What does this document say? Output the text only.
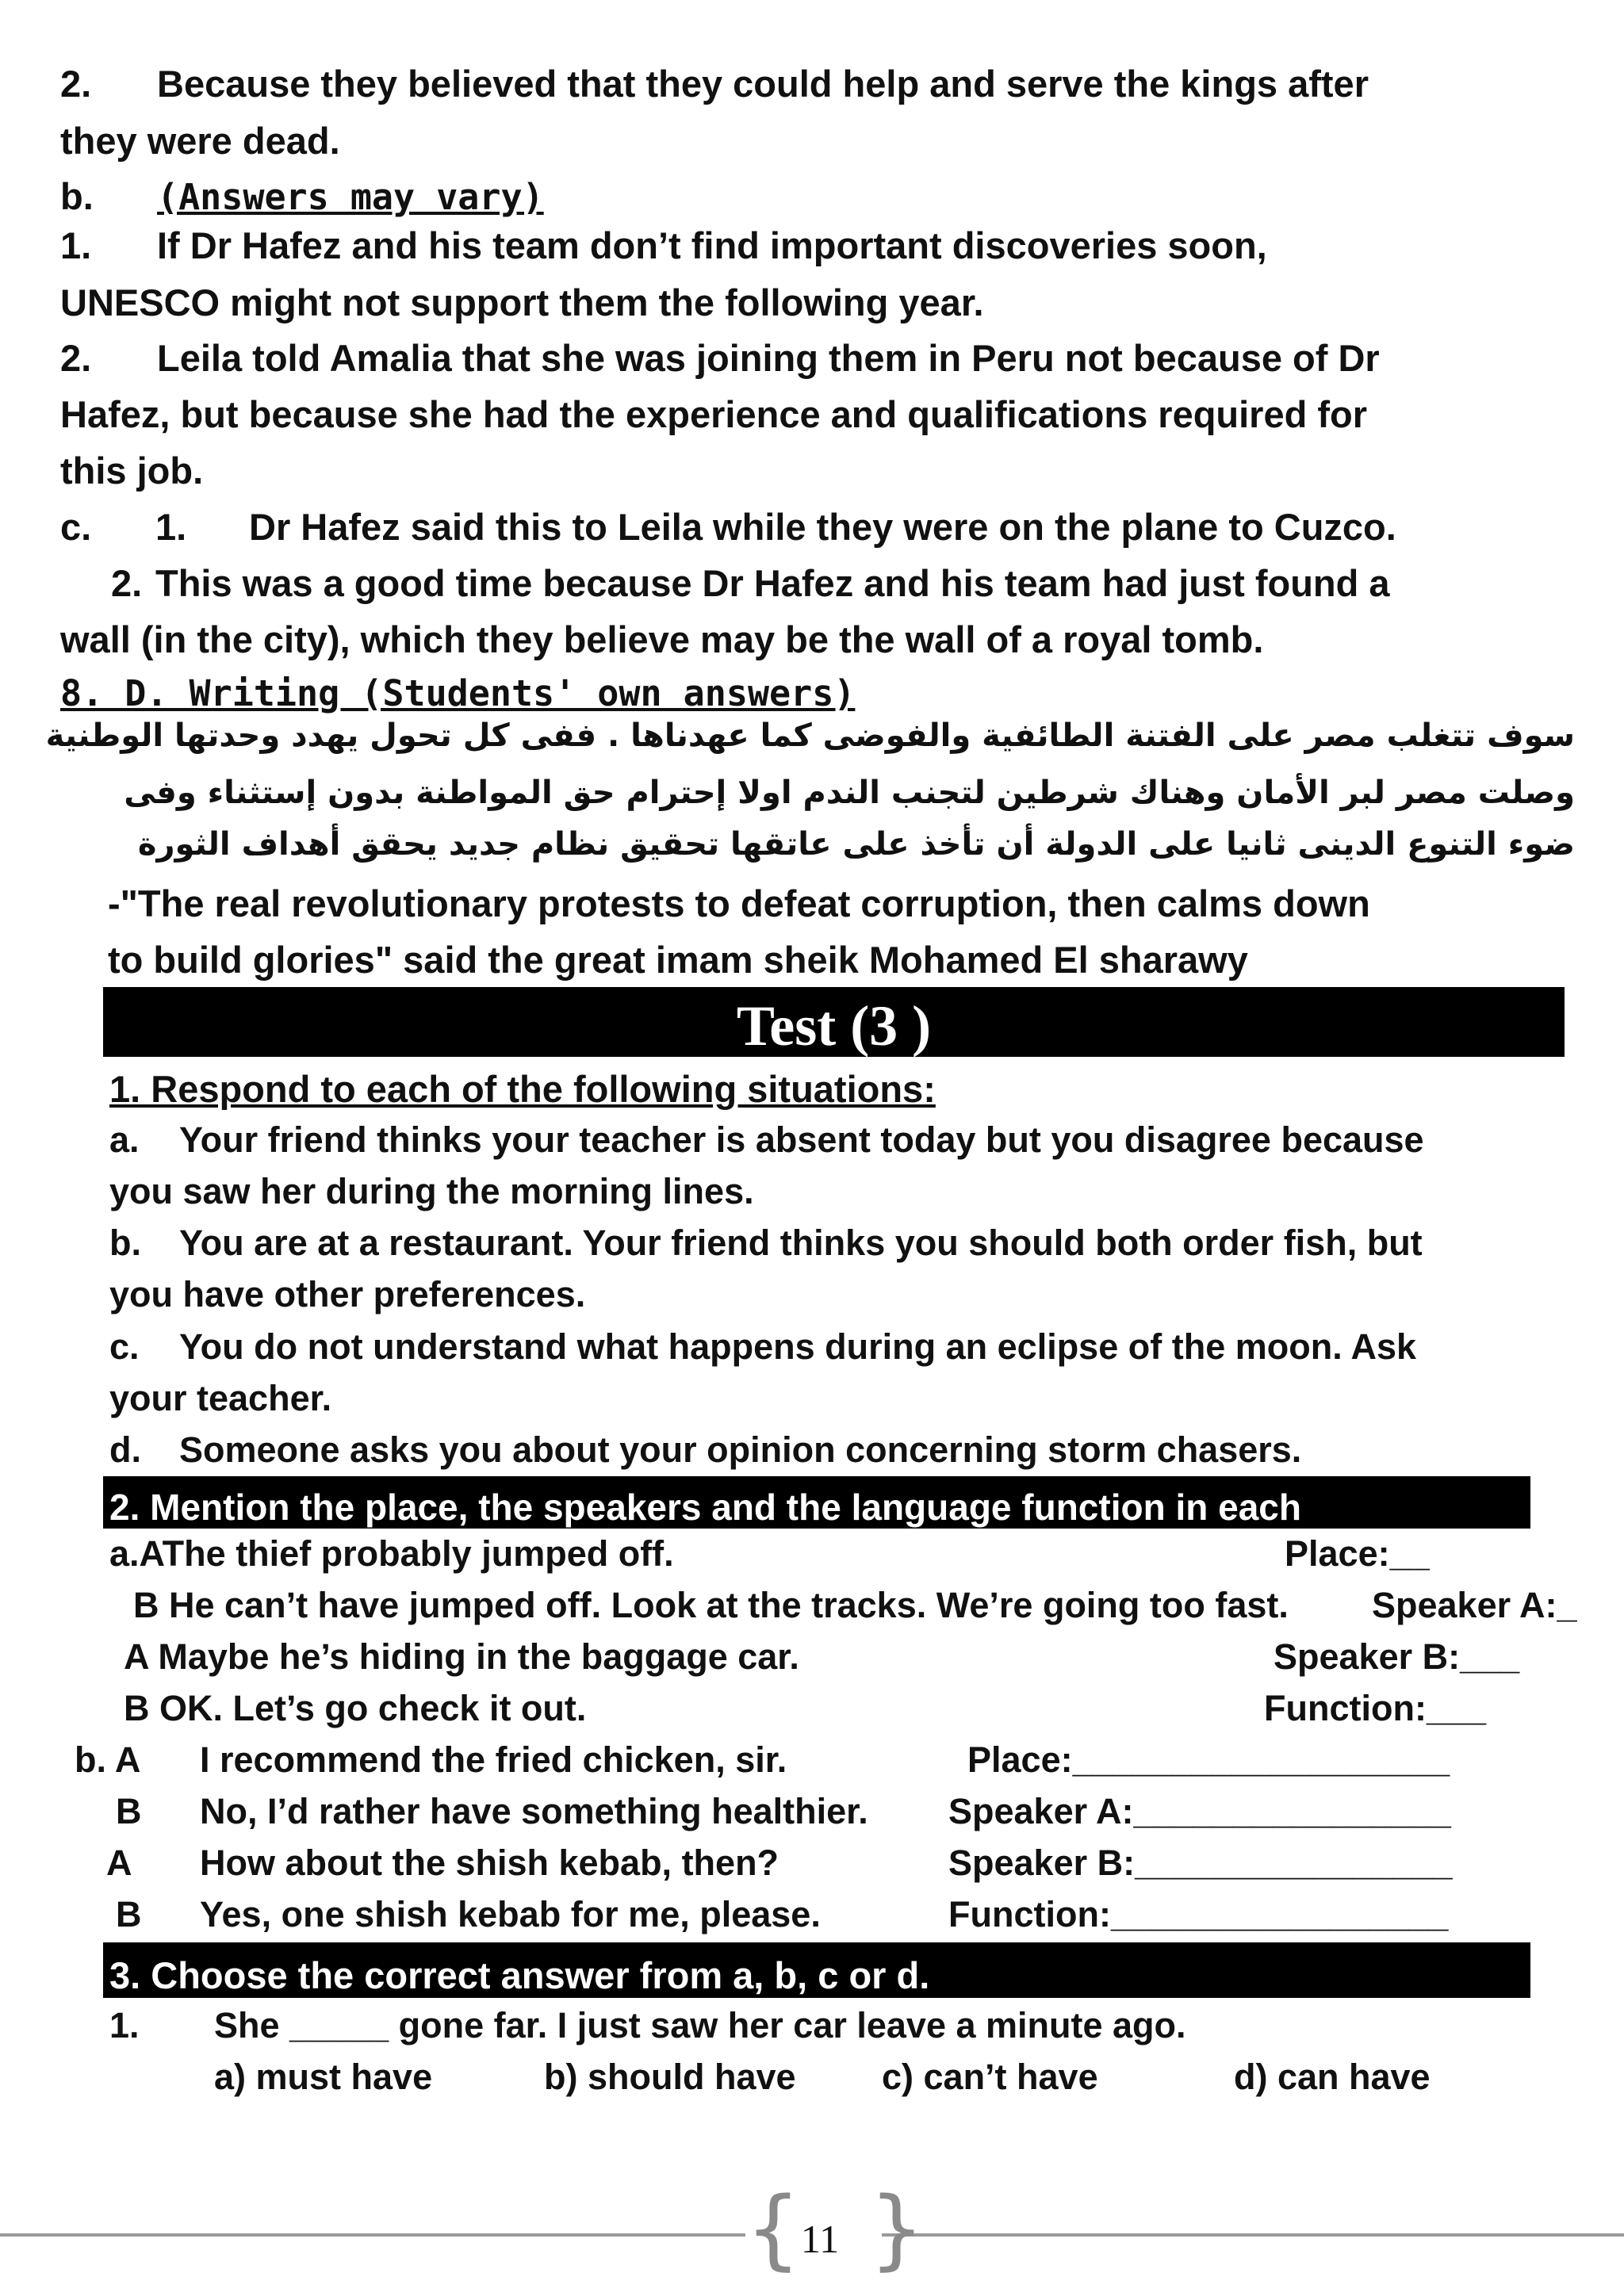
2. Because they believed that they could help and serve the kings after
they were dead.
b. (Answers may vary)
1. If Dr Hafez and his team don’t find important discoveries soon,
UNESCO might not support them the following year.
2. Leila told Amalia that she was joining them in Peru not because of Dr
Hafez, but because she had the experience and qualifications required for
this job.
c. 1. Dr Hafez said this to Leila while they were on the plane to Cuzco.
2. This was a good time because Dr Hafez and his team had just found a
wall (in the city), which they believe may be the wall of a royal tomb.
8. D. Writing (Students' own answers)
سوف تتغلب مصر على الفتنة الطائفية والفوضى كما عهدناها . ففى كل تحول يهدد وحدتها الوطنية
وصلت مصر لبر الأمان وهناك شرطين لتجنب الندم اولا إحترام حق المواطنة بدون إستثناء وفى
ضوء التنوع الدينى ثانيا على الدولة أن تأخذ على عاتقها تحقيق نظام جديد يحقق أهداف الثورة
-"The real revolutionary protests to defeat corruption, then calms down
to build glories" said the great imam sheik Mohamed El sharawy
Test (3 )
1. Respond to each of the following situations:
a. Your friend thinks your teacher is absent today but you disagree because
you saw her during the morning lines.
b. You are at a restaurant. Your friend thinks you should both order fish, but
you have other preferences.
c. You do not understand what happens during an eclipse of the moon. Ask
your teacher.
d. Someone asks you about your opinion concerning storm chasers.
2. Mention the place, the speakers and the language function in each
a.AThe thief probably jumped off.	Place:__
B He can’t have jumped off. Look at the tracks. We’re going too fast. Speaker A:_
A Maybe he’s hiding in the baggage car.	Speaker B:___
B OK. Let’s go check it out.	Function:___
b. A I recommend the fried chicken, sir.	Place:___________________
B No, I’d rather have something healthier. Speaker A:________________
A How about the shish kebab, then?	Speaker B:________________
B Yes, one shish kebab for me, please.	Function:_________________
3. Choose the correct answer from a, b, c or d.
1. She _____ gone far. I just saw her car leave a minute ago.
a) must have	b) should have c) can’t have	d) can have
{ }
11
